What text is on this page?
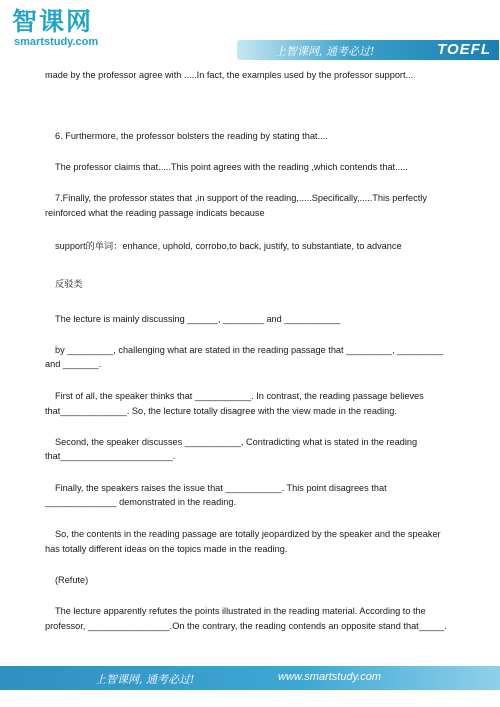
智课网
smartstudy.com
上智课网, 通考必过!	TOEFL

made by the professor agree with .....In fact, the examples used by the professor support...

6. Furthermore, the professor bolsters the reading by stating that....

The professor claims that.....This point agrees with the reading ,which contends that.....

7.Finally, the professor states that ,in support of the reading,.....Specifically,.....This perfectly

reinforced what the reading passage indicats because

support的单词：enhance, uphold, corrobo,to back, justify, to substantiate, to advance

反驳类

The lecture is mainly discussing ______, ________ and ___________

by _________, challenging what are stated in the reading passage that _________, _________

and _______.

First of all, the speaker thinks that ___________. In contrast, the reading passage believes

that_____________. So, the lecture totally disagree with the view made in the reading.

Second, the speaker discusses ___________, Contradicting what is stated in the reading

that______________________.

Finally, the speakers raises the issue that ___________. This point disagrees that

______________ demonstrated in the reading.

So, the contents in the reading passage are totally jeopardized by the speaker and the speaker

has totally different ideas on the topics made in the reading.

(Refute)

The lecture apparently refutes the points illustrated in the reading material. According to the

professor, ________________.On the contrary, the reading contends an opposite stand that_____.

上智课网, 通考必过!	www.smartstudy.com
